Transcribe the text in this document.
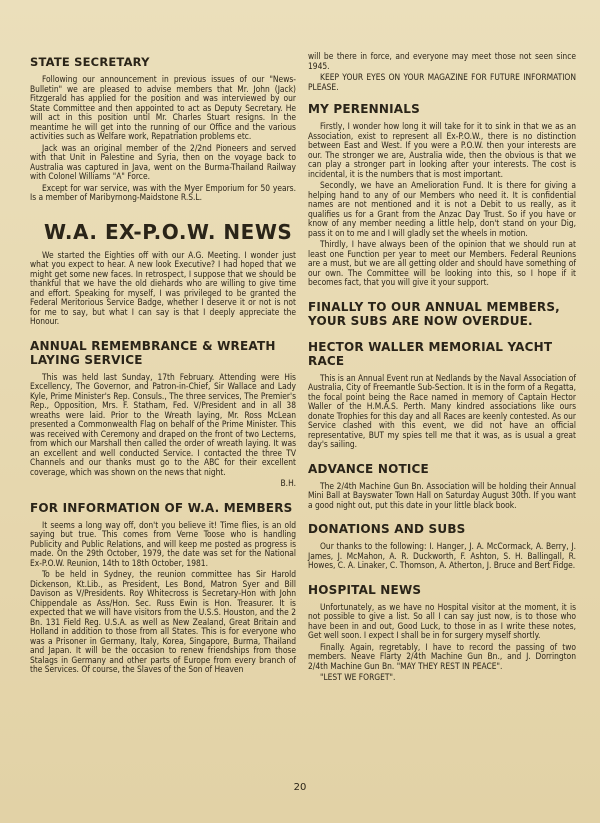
STATE SECRETARY

Following our announcement in previous issues of our "News-Bulletin" we are pleased to advise members that Mr. John (Jack) Fitzgerald has applied for the position and was interviewed by our State Committee and then appointed to act as Deputy Secretary. He will act in this position until Mr. Charles Stuart resigns. In the meantime he will get into the running of our Office and the various activities such as Welfare work, Repatriation problems etc.

Jack was an original member of the 2/2nd Pioneers and served with that Unit in Palestine and Syria, then on the voyage back to Australia was captured in Java, went on the Burma-Thailand Railway with Colonel Williams "A" Force.

Except for war service, was with the Myer Emporium for 50 years. Is a member of Maribyrnong-Maidstone R.S.L.

W.A. EX-P.O.W. NEWS

We started the Eighties off with our A.G. Meeting. I wonder just what you expect to hear. A new look Executive? I had hoped that we might get some new faces. In retrospect, I suppose that we should be thankful that we have the old diehards who are willing to give time and effort. Speaking for myself, I was privileged to be granted the Federal Meritorious Service Badge, whether I deserve it or not is not for me to say, but what I can say is that I deeply appreciate the Honour.

ANNUAL REMEMBRANCE & WREATH LAYING SERVICE

This was held last Sunday, 17th February. Attending were His Excellency, The Governor, and Patron-in-Chief, Sir Wallace and Lady Kyle, Prime Minister's Rep. Consuls., The three services, The Premier's Rep., Opposition, Mrs. F. Statham, Fed. V/President and in all 38 wreaths were laid. Prior to the Wreath laying, Mr. Ross McLean presented a Commonwealth Flag on behalf of the Prime Minister. This was received with Ceremony and draped on the front of two Lecterns, from which our Marshall then called the order of wreath laying. It was an excellent and well conducted Service. I contacted the three TV Channels and our thanks must go to the ABC for their excellent coverage, which was shown on the news that night.

B.H.

FOR INFORMATION OF W.A. MEMBERS

It seems a long way off, don't you believe it! Time flies, is an old saying but true. This comes from Verne Toose who is handling Publicity and Public Relations, and will keep me posted as progress is made. On the 29th October, 1979, the date was set for the National Ex-P.O.W. Reunion, 14th to 18th October, 1981.

To be held in Sydney, the reunion committee has Sir Harold Dickenson, Kt.Lib., as President, Les Bond, Matron Syer and Bill Davison as V/Presidents. Roy Whitecross is Secretary-Hon with John Chippendale as Ass/Hon. Sec. Russ Ewin is Hon. Treasurer. It is expected that we will have visitors from the U.S.S. Houston, and the 2 Bn. 131 Field Reg. U.S.A. as well as New Zealand, Great Britain and Holland in addition to those from all States. This is for everyone who was a Prisoner in Germany, Italy, Korea, Singapore, Burma, Thailand and Japan. It will be the occasion to renew friendships from those Stalags in Germany and other parts of Europe from every branch of the Services. Of course, the Slaves of the Son of Heaven

will be there in force, and everyone may meet those not seen since 1945.

KEEP YOUR EYES ON YOUR MAGAZINE FOR FUTURE INFORMATION PLEASE.

MY PERENNIALS

Firstly, I wonder how long it will take for it to sink in that we as an Association, exist to represent all Ex-P.O.W., there is no distinction between East and West. If you were a P.O.W. then your interests are our. The stronger we are, Australia wide, then the obvious is that we can play a stronger part in looking after your interests. The cost is incidental, it is the numbers that is most important.

Secondly, we have an Amelioration Fund. It is there for giving a helping hand to any of our Members who need it. It is confidential names are not mentioned and it is not a Debit to us really, as it qualifies us for a Grant from the Anzac Day Trust. So if you have or know of any member needing a little help, don't stand on your Dig, pass it on to me and I will gladly set the wheels in motion.

Thirdly, I have always been of the opinion that we should run at least one Function per year to meet our Members. Federal Reunions are a must, but we are all getting older and should have something of our own. The Committee will be looking into this, so I hope if it becomes fact, that you will give it your support.

FINALLY TO OUR ANNUAL MEMBERS, YOUR SUBS ARE NOW OVERDUE.
HECTOR WALLER MEMORIAL YACHT RACE

This is an Annual Event run at Nedlands by the Naval Association of Australia, City of Freemantle Sub-Section. It is in the form of a Regatta, the focal point being the Race named in memory of Captain Hector Waller of the H.M.A.S. Perth. Many kindred associations like ours donate Trophies for this day and all Races are keenly contested. As our Service clashed with this event, we did not have an official representative, BUT my spies tell me that it was, as is usual a great day's sailing.

ADVANCE NOTICE

The 2/4th Machine Gun Bn. Association will be holding their Annual Mini Ball at Bayswater Town Hall on Saturday August 30th. If you want a good night out, put this date in your little black book.

DONATIONS AND SUBS

Our thanks to the following: I. Hanger, J. A. McCormack, A. Berry, J. James, J. McMahon, A. R. Duckworth, F. Ashton, S. H. Ballingall, R. Howes, C. A. Linaker, C. Thomson, A. Atherton, J. Bruce and Bert Fidge.

HOSPITAL NEWS

Unfortunately, as we have no Hospital visitor at the moment, it is not possible to give a list. So all I can say just now, is to those who have been in and out, Good Luck, to those in as I write these notes, Get well soon. I expect I shall be in for surgery myself shortly.

Finally. Again, regretably, I have to record the passing of two members. Neave Flarty 2/4th Machine Gun Bn., and J. Dorrington 2/4th Machine Gun Bn. "MAY THEY REST IN PEACE".

"LEST WE FORGET".

20
